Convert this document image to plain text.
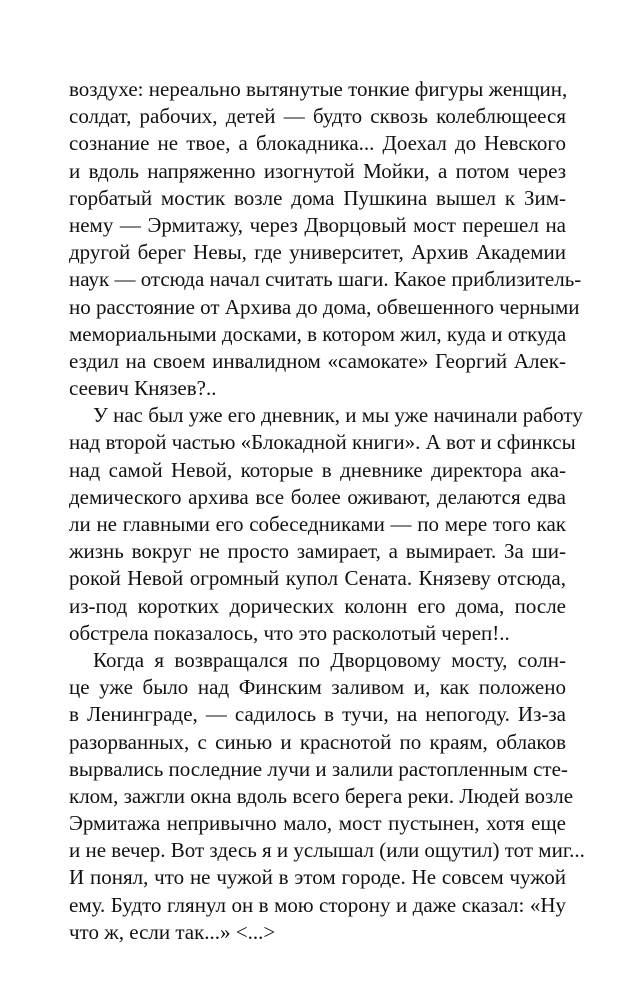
воздухе: нереально вытянутые тонкие фигуры женщин,
солдат, рабочих, детей — будто сквозь колеблющееся
сознание не твое, а блокадника... Доехал до Невского
и вдоль напряженно изогнутой Мойки, а потом через
горбатый мостик возле дома Пушкина вышел к Зим-
нему — Эрмитажу, через Дворцовый мост перешел на
другой берег Невы, где университет, Архив Академии
наук — отсюда начал считать шаги. Какое приблизитель-
но расстояние от Архива до дома, обвешенного черными
мемориальными досками, в котором жил, куда и откуда
ездил на своем инвалидном «самокате» Георгий Алек-
сеевич Князев?..
У нас был уже его дневник, и мы уже начинали работу
над второй частью «Блокадной книги». А вот и сфинксы
над самой Невой, которые в дневнике директора ака-
демического архива все более оживают, делаются едва
ли не главными его собеседниками — по мере того как
жизнь вокруг не просто замирает, а вымирает. За ши-
рокой Невой огромный купол Сената. Князеву отсюда,
из-под коротких дорических колонн его дома, после
обстрела показалось, что это расколотый череп!..
Когда я возвращался по Дворцовому мосту, солн-
це уже было над Финским заливом и, как положено
в Ленинграде, — садилось в тучи, на непогоду. Из-за
разорванных, с синью и краснотой по краям, облаков
вырвались последние лучи и залили растопленным сте-
клом, зажгли окна вдоль всего берега реки. Людей возле
Эрмитажа непривычно мало, мост пустынен, хотя еще
и не вечер. Вот здесь я и услышал (или ощутил) тот миг...
И понял, что не чужой в этом городе. Не совсем чужой
ему. Будто глянул он в мою сторону и даже сказал: «Ну
что ж, если так...» <...>
